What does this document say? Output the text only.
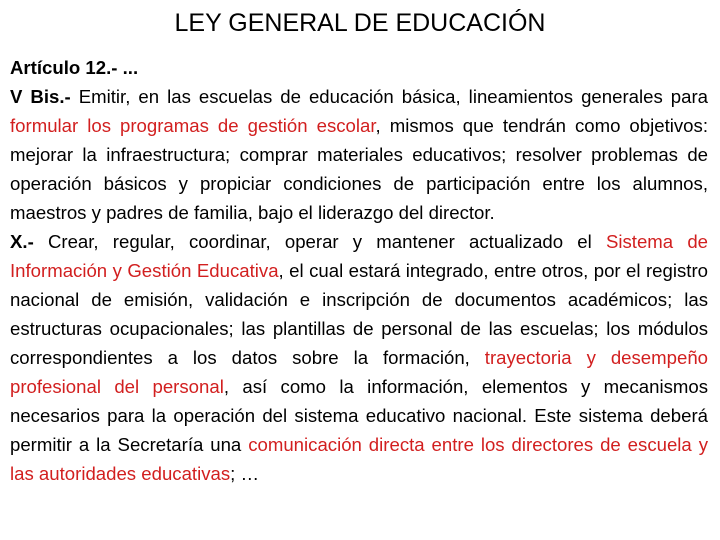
LEY GENERAL DE EDUCACIÓN

Artículo 12.- ...

V Bis.- Emitir, en las escuelas de educación básica, lineamientos generales para formular los programas de gestión escolar, mismos que tendrán como objetivos: mejorar la infraestructura; comprar materiales educativos; resolver problemas de operación básicos y propiciar condiciones de participación entre los alumnos, maestros y padres de familia, bajo el liderazgo del director.

X.- Crear, regular, coordinar, operar y mantener actualizado el Sistema de Información y Gestión Educativa, el cual estará integrado, entre otros, por el registro nacional de emisión, validación e inscripción de documentos académicos; las estructuras ocupacionales; las plantillas de personal de las escuelas; los módulos correspondientes a los datos sobre la formación, trayectoria y desempeño profesional del personal, así como la información, elementos y mecanismos necesarios para la operación del sistema educativo nacional. Este sistema deberá permitir a la Secretaría una comunicación directa entre los directores de escuela y las autoridades educativas; …
